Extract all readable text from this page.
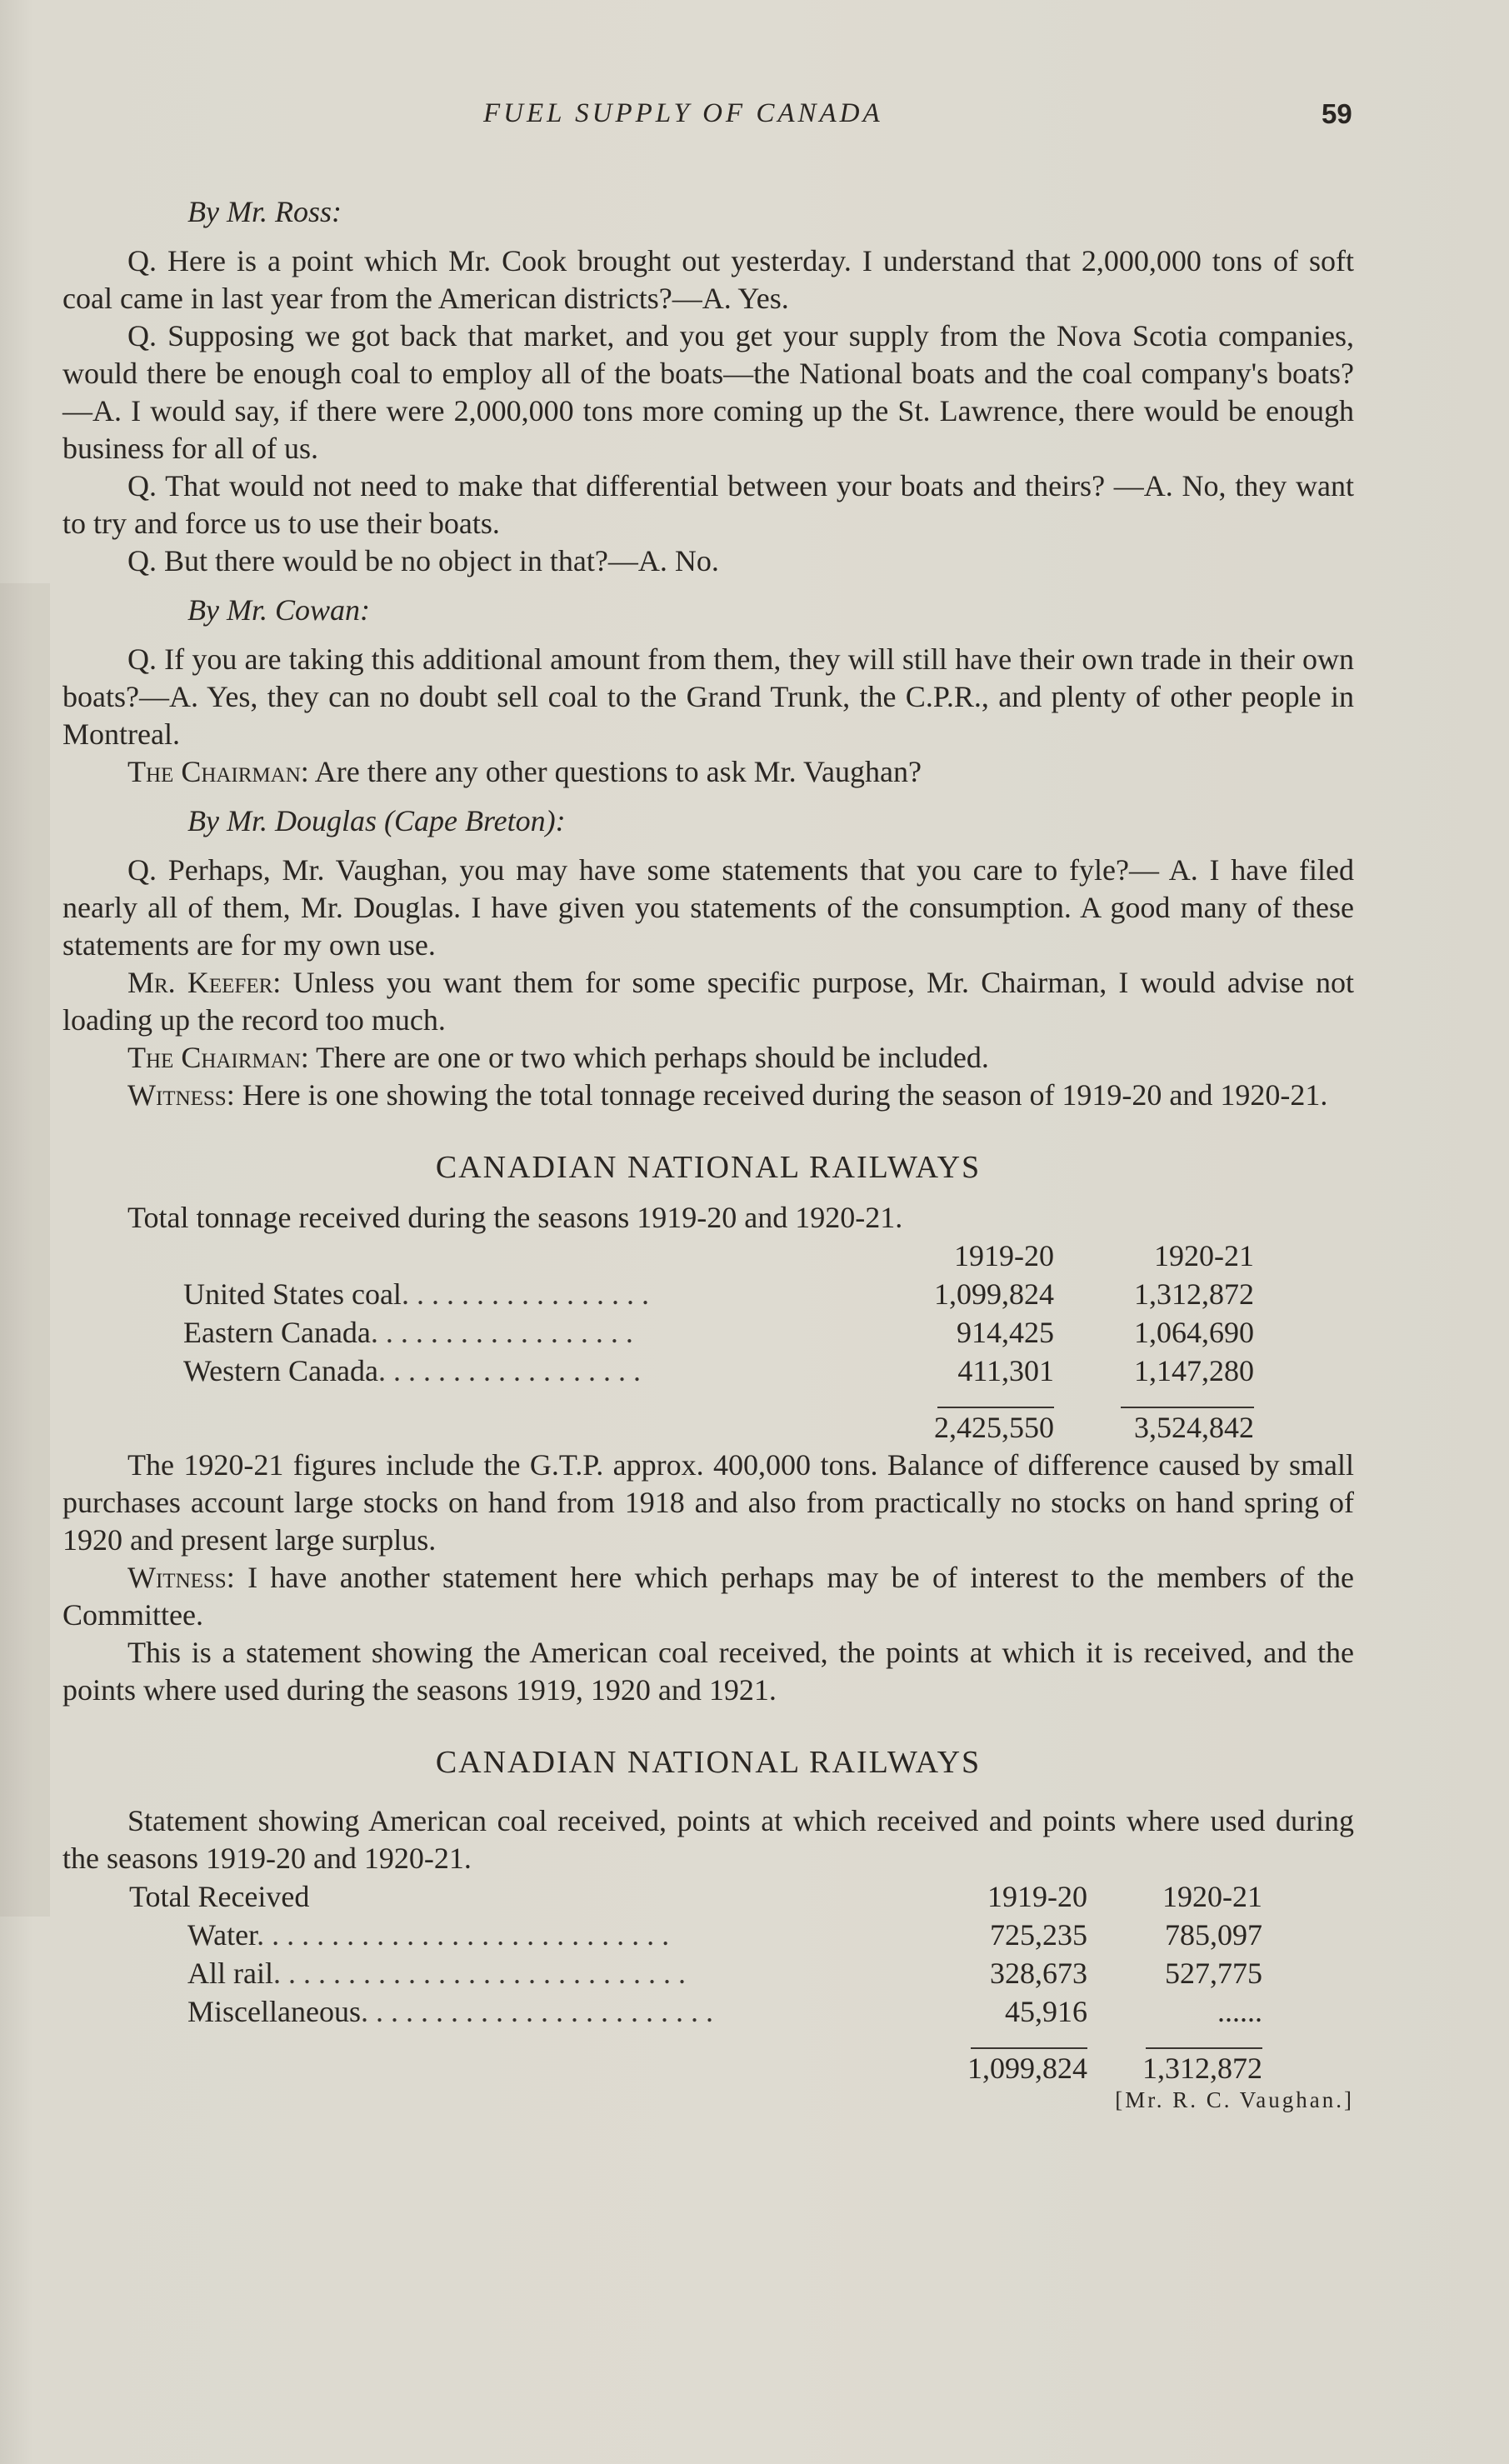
FUEL SUPPLY OF CANADA	59
By Mr. Ross:

Q. Here is a point which Mr. Cook brought out yesterday. I understand that 2,000,000 tons of soft coal came in last year from the American districts?—A. Yes.

Q. Supposing we got back that market, and you get your supply from the Nova Scotia companies, would there be enough coal to employ all of the boats—the National boats and the coal company's boats?—A. I would say, if there were 2,000,000 tons more coming up the St. Lawrence, there would be enough business for all of us.

Q. That would not need to make that differential between your boats and theirs? —A. No, they want to try and force us to use their boats.

Q. But there would be no object in that?—A. No.

By Mr. Cowan:

Q. If you are taking this additional amount from them, they will still have their own trade in their own boats?—A. Yes, they can no doubt sell coal to the Grand Trunk, the C.P.R., and plenty of other people in Montreal.

The Chairman: Are there any other questions to ask Mr. Vaughan?

By Mr. Douglas (Cape Breton):

Q. Perhaps, Mr. Vaughan, you may have some statements that you care to fyle?— A. I have filed nearly all of them, Mr. Douglas. I have given you statements of the consumption. A good many of these statements are for my own use.

Mr. Keefer: Unless you want them for some specific purpose, Mr. Chairman, I would advise not loading up the record too much.

The Chairman: There are one or two which perhaps should be included.

Witness: Here is one showing the total tonnage received during the season of 1919-20 and 1920-21.

CANADIAN NATIONAL RAILWAYS
Total tonnage received during the seasons 1919-20 and 1920-21.
	1919-20	1920-21
United States coal. . . . . . . . . . . . . . . . .	1,099,824	1,312,872
Eastern Canada. . . . . . . . . . . . . . . . . .	914,425	1,064,690
Western Canada. . . . . . . . . . . . . . . . . .	411,301	1,147,280

2,425,550	3,524,842

The 1920-21 figures include the G.T.P. approx. 400,000 tons. Balance of difference caused by small purchases account large stocks on hand from 1918 and also from practically no stocks on hand spring of 1920 and present large surplus.

Witness: I have another statement here which perhaps may be of interest to the members of the Committee.

This is a statement showing the American coal received, the points at which it is received, and the points where used during the seasons 1919, 1920 and 1921.

CANADIAN NATIONAL RAILWAYS

Statement showing American coal received, points at which received and points where used during the seasons 1919-20 and 1920-21.

Total Received	1919-20	1920-21
Water. . . . . . . . . . . . . . . . . . . . . . . . . . . .	725,235	785,097
All rail. . . . . . . . . . . . . . . . . . . . . . . . . . . .	328,673	527,775
Miscellaneous. . . . . . . . . . . . . . . . . . . . . . . .	45,916	......

1,099,824	1,312,872
[Mr. R. C. Vaughan.]
